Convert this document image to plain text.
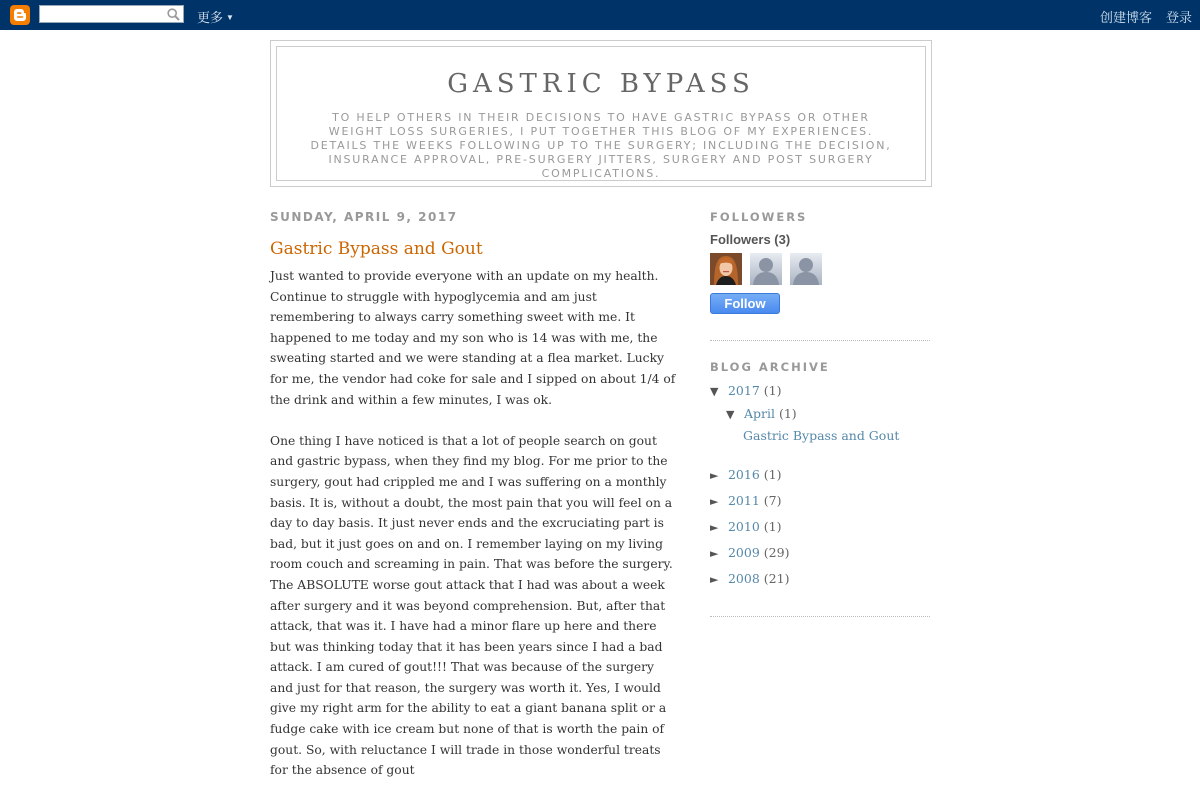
更多 ▼	创建博客 登录
GASTRIC BYPASS
TO HELP OTHERS IN THEIR DECISIONS TO HAVE GASTRIC BYPASS OR OTHER WEIGHT LOSS SURGERIES, I PUT TOGETHER THIS BLOG OF MY EXPERIENCES. DETAILS THE WEEKS FOLLOWING UP TO THE SURGERY; INCLUDING THE DECISION, INSURANCE APPROVAL, PRE-SURGERY JITTERS, SURGERY AND POST SURGERY COMPLICATIONS.
SUNDAY, APRIL 9, 2017
Gastric Bypass and Gout

Just wanted to provide everyone with an update on my health. Continue to struggle with hypoglycemia and am just remembering to always carry something sweet with me. It happened to me today and my son who is 14 was with me, the sweating started and we were standing at a flea market. Lucky for me, the vendor had coke for sale and I sipped on about 1/4 of the drink and within a few minutes, I was ok.

One thing I have noticed is that a lot of people search on gout and gastric bypass, when they find my blog. For me prior to the surgery, gout had crippled me and I was suffering on a monthly basis. It is, without a doubt, the most pain that you will feel on a day to day basis. It just never ends and the excruciating part is bad, but it just goes on and on. I remember laying on my living room couch and screaming in pain. That was before the surgery. The ABSOLUTE worse gout attack that I had was about a week after surgery and it was beyond comprehension. But, after that attack, that was it. I have had a minor flare up here and there but was thinking today that it has been years since I had a bad attack. I am cured of gout!!! That was because of the surgery and just for that reason, the surgery was worth it. Yes, I would give my right arm for the ability to eat a giant banana split or a fudge cake with ice cream but none of that is worth the pain of gout. So, with reluctance I will trade in those wonderful treats for the absence of gout

FOLLOWERS
Followers (3)

Follow
BLOG ARCHIVE
▼ 2017 (1)
▼ April (1)
Gastric Bypass and Gout
► 2016 (1)
► 2011 (7)
► 2010 (1)
► 2009 (29)
► 2008 (21)
